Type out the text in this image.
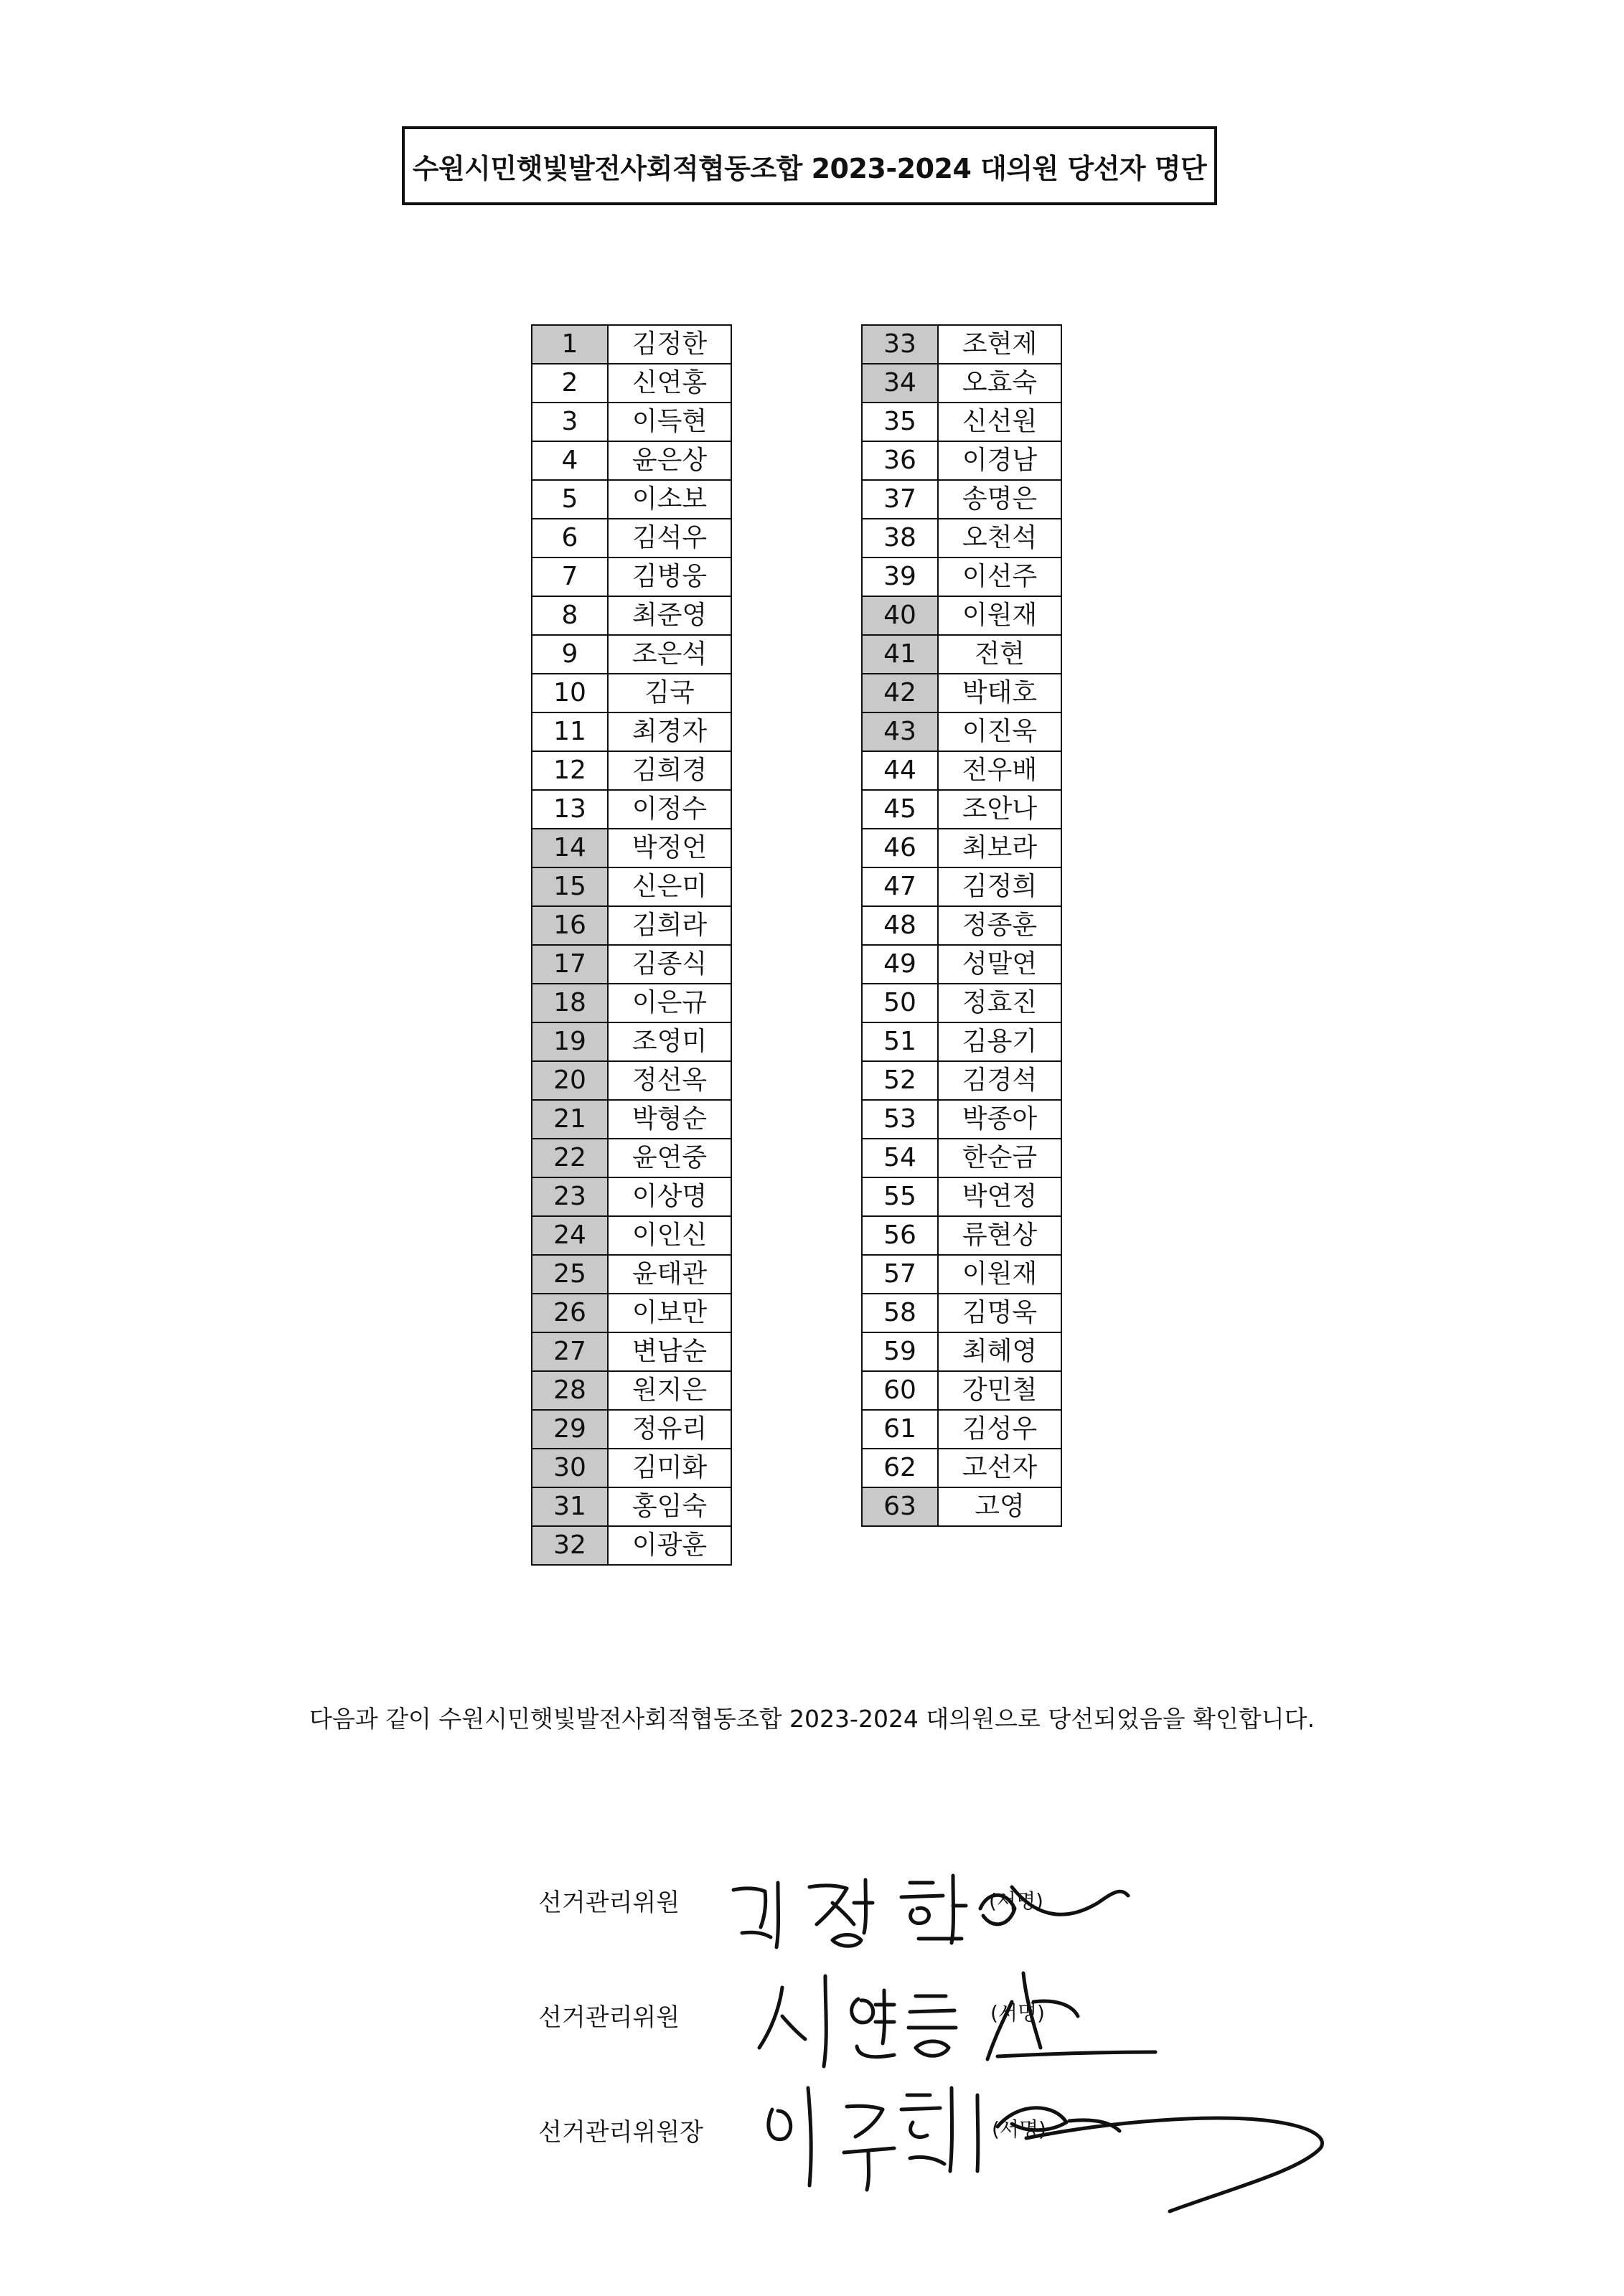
수원시민햇빛발전사회적협동조합 2023-2024 대의원 당선자 명단
1	김정한
2	신연홍
3	이득현
4	윤은상
5	이소보
6	김석우
7	김병웅
8	최준영
9	조은석
10	김국
11	최경자
12	김희경
13	이정수
14	박정언
15	신은미
16	김희라
17	김종식
18	이은규
19	조영미
20	정선옥
21	박형순
22	윤연중
23	이상명
24	이인신
25	윤태관
26	이보만
27	변남순
28	원지은
29	정유리
30	김미화
31	홍임숙
32	이광훈
33	조현제
34	오효숙
35	신선원
36	이경남
37	송명은
38	오천석
39	이선주
40	이원재
41	전현
42	박태호
43	이진욱
44	전우배
45	조안나
46	최보라
47	김정희
48	정종훈
49	성말연
50	정효진
51	김용기
52	김경석
53	박종아
54	한순금
55	박연정
56	류현상
57	이원재
58	김명욱
59	최혜영
60	강민철
61	김성우
62	고선자
63	고영
다음과 같이 수원시민햇빛발전사회적협동조합 2023-2024 대의원으로 당선되었음을 확인합니다.
선거관리위원	(서명)
선거관리위원	(서명)
선거관리위원장	(서명)
